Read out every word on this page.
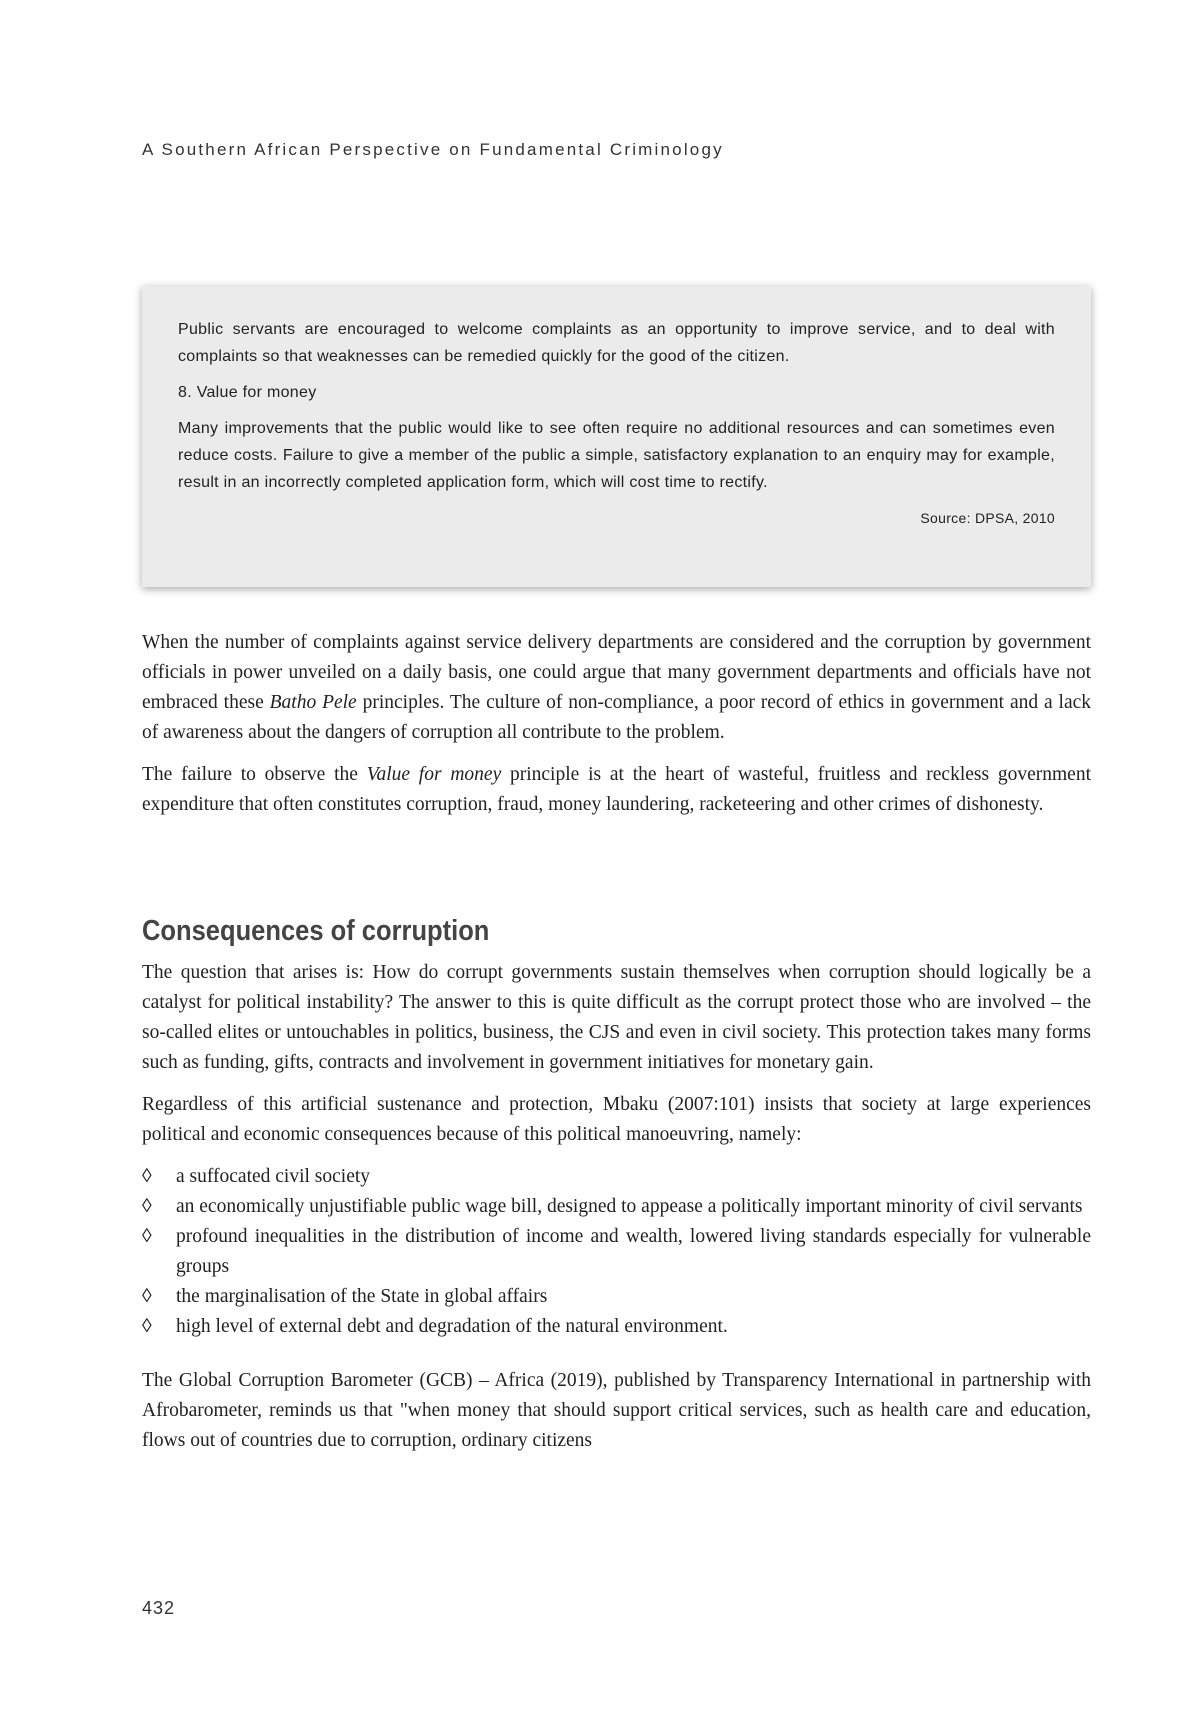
A Southern African Perspective on Fundamental Criminology

Public servants are encouraged to welcome complaints as an opportunity to improve service, and to deal with complaints so that weaknesses can be remedied quickly for the good of the citizen.

8. Value for money

Many improvements that the public would like to see often require no additional resources and can sometimes even reduce costs. Failure to give a member of the public a simple, satisfactory explanation to an enquiry may for example, result in an incorrectly completed application form, which will cost time to rectify.

Source: DPSA, 2010

When the number of complaints against service delivery departments are considered and the corruption by government officials in power unveiled on a daily basis, one could argue that many government departments and officials have not embraced these Batho Pele principles. The culture of non-compliance, a poor record of ethics in government and a lack of awareness about the dangers of corruption all contribute to the problem.

The failure to observe the Value for money principle is at the heart of wasteful, fruitless and reckless government expenditure that often constitutes corruption, fraud, money laundering, racketeering and other crimes of dishonesty.

Consequences of corruption

The question that arises is: How do corrupt governments sustain themselves when corruption should logically be a catalyst for political instability? The answer to this is quite difficult as the corrupt protect those who are involved – the so-called elites or untouchables in politics, business, the CJS and even in civil society. This protection takes many forms such as funding, gifts, contracts and involvement in government initiatives for monetary gain.

Regardless of this artificial sustenance and protection, Mbaku (2007:101) insists that society at large experiences political and economic consequences because of this political manoeuvring, namely:

◊ a suffocated civil society
◊ an economically unjustifiable public wage bill, designed to appease a politically important minority of civil servants
◊ profound inequalities in the distribution of income and wealth, lowered living standards especially for vulnerable groups
◊ the marginalisation of the State in global affairs
◊ high level of external debt and degradation of the natural environment.

The Global Corruption Barometer (GCB) – Africa (2019), published by Transparency International in partnership with Afrobarometer, reminds us that "when money that should support critical services, such as health care and education, flows out of countries due to corruption, ordinary citizens

432
